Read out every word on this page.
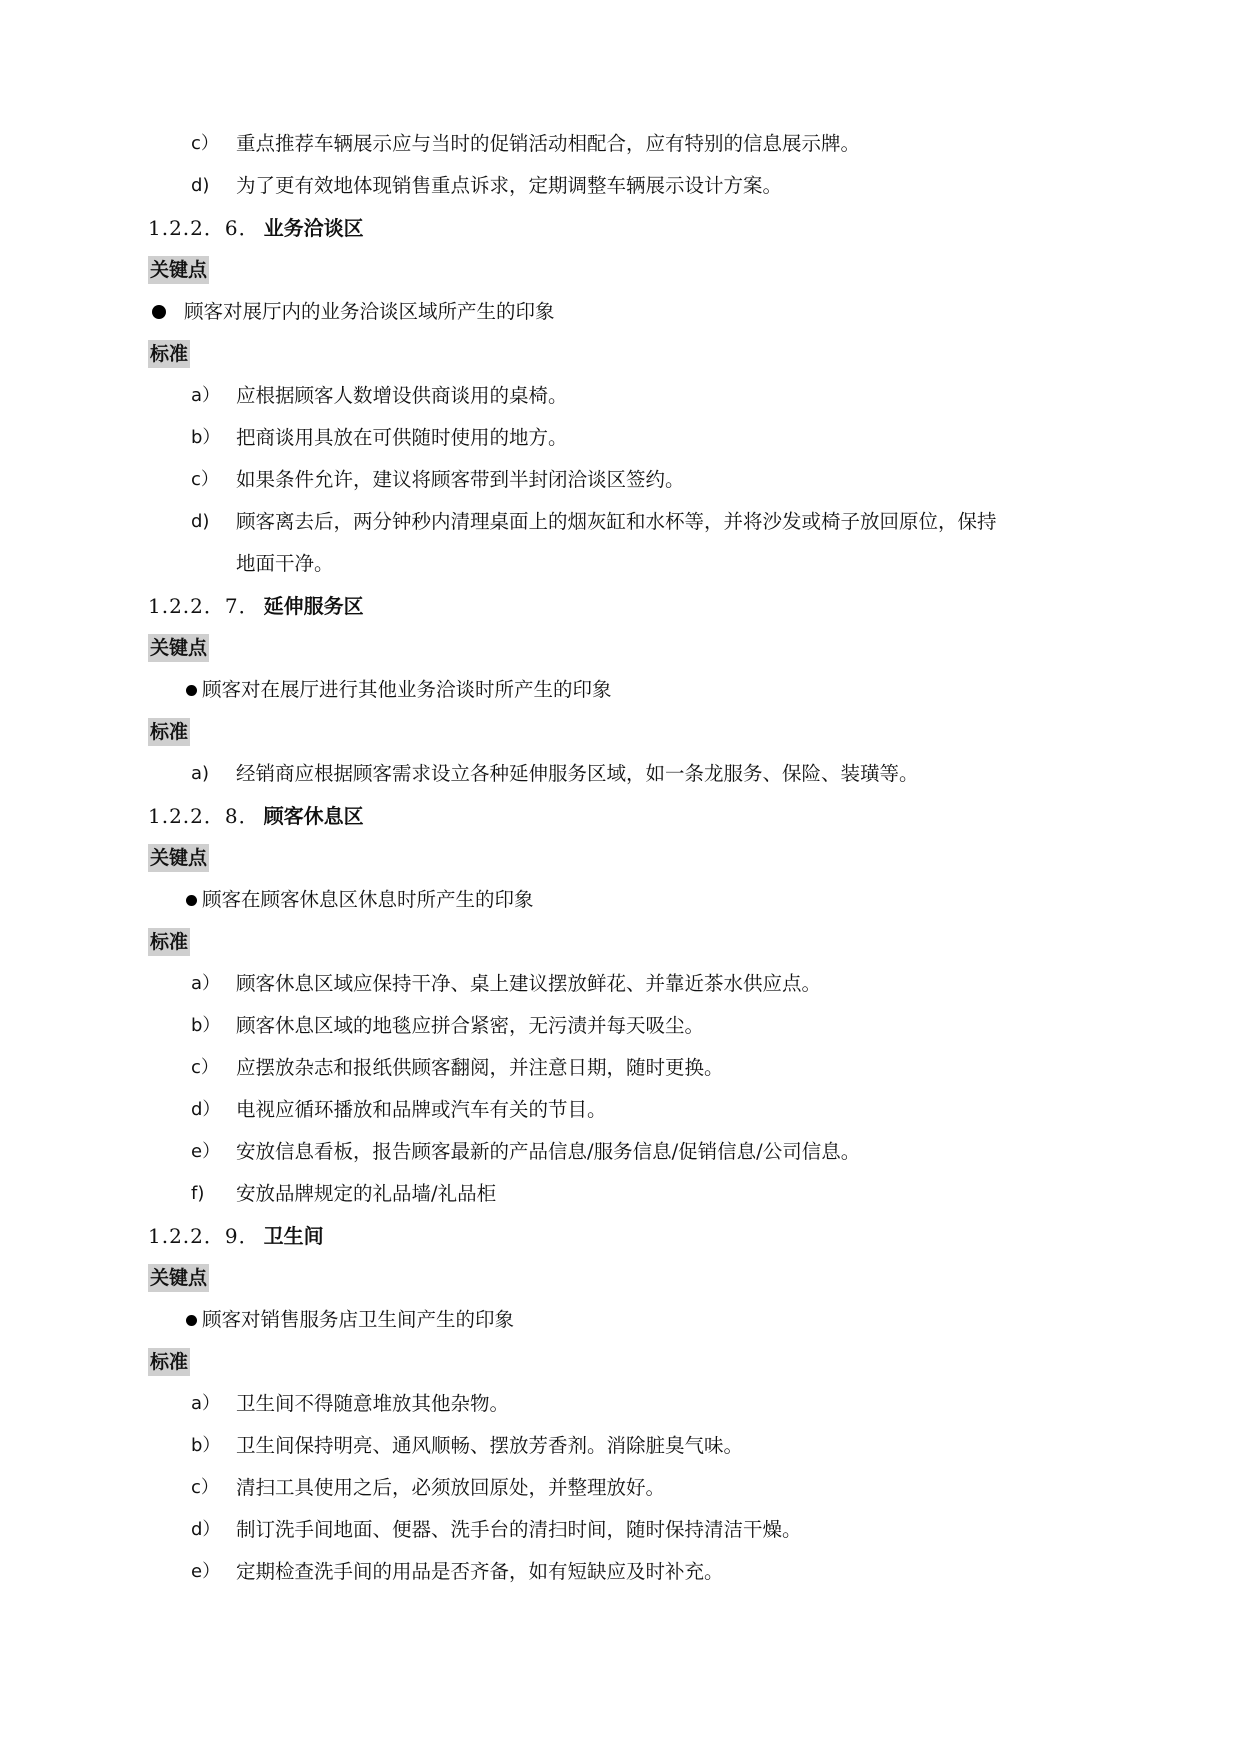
c） 重点推荐车辆展示应与当时的促销活动相配合，应有特别的信息展示牌。
d) 为了更有效地体现销售重点诉求，定期调整车辆展示设计方案。
1.2.2．6． 业务洽谈区
关键点
顾客对展厅内的业务洽谈区域所产生的印象
标准
a） 应根据顾客人数增设供商谈用的桌椅。
b） 把商谈用具放在可供随时使用的地方。
c） 如果条件允许，建议将顾客带到半封闭洽谈区签约。
d) 顾客离去后，两分钟秒内清理桌面上的烟灰缸和水杯等，并将沙发或椅子放回原位，保持
地面干净。
1.2.2．7． 延伸服务区
关键点
顾客对在展厅进行其他业务洽谈时所产生的印象
标准
a) 经销商应根据顾客需求设立各种延伸服务区域，如一条龙服务、保险、装璜等。
1.2.2．8． 顾客休息区
关键点
顾客在顾客休息区休息时所产生的印象
标准
a） 顾客休息区域应保持干净、桌上建议摆放鲜花、并靠近茶水供应点。
b） 顾客休息区域的地毯应拼合紧密，无污渍并每天吸尘。
c） 应摆放杂志和报纸供顾客翻阅，并注意日期，随时更换。
d） 电视应循环播放和品牌或汽车有关的节目。
e） 安放信息看板，报告顾客最新的产品信息/服务信息/促销信息/公司信息。
f) 安放品牌规定的礼品墙/礼品柜
1.2.2．9． 卫生间
关键点
顾客对销售服务店卫生间产生的印象
标准
a） 卫生间不得随意堆放其他杂物。
b） 卫生间保持明亮、通风顺畅、摆放芳香剂。消除脏臭气味。
c） 清扫工具使用之后，必须放回原处，并整理放好。
d） 制订洗手间地面、便器、洗手台的清扫时间，随时保持清洁干燥。
e） 定期检查洗手间的用品是否齐备，如有短缺应及时补充。
